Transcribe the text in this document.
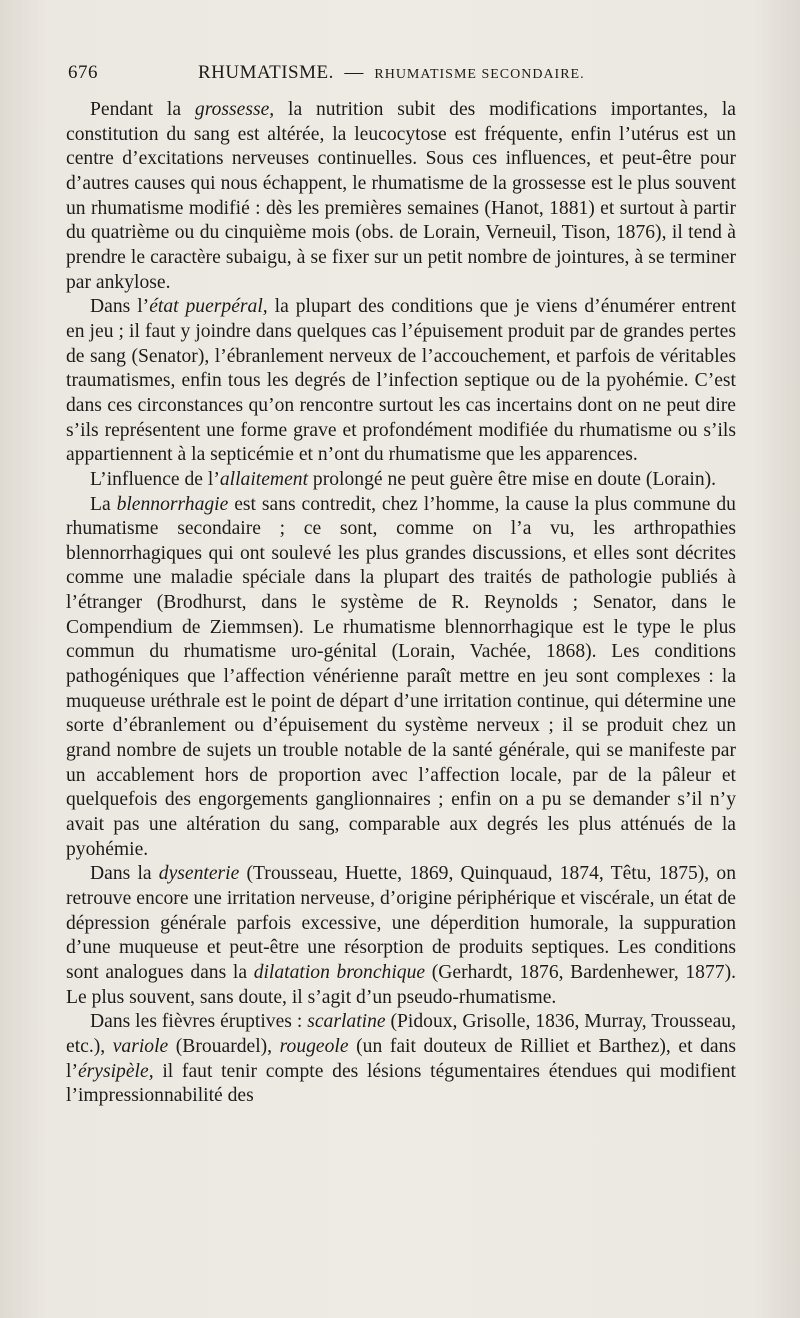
676	RHUMATISME. — RHUMATISME SECONDAIRE.

Pendant la grossesse, la nutrition subit des modifications importantes, la constitution du sang est altérée, la leucocytose est fréquente, enfin l’utérus est un centre d’excitations nerveuses continuelles. Sous ces influences, et peut-être pour d’autres causes qui nous échappent, le rhumatisme de la grossesse est le plus souvent un rhumatisme modifié : dès les premières semaines (Hanot, 1881) et surtout à partir du quatrième ou du cinquième mois (obs. de Lorain, Verneuil, Tison, 1876), il tend à prendre le caractère subaigu, à se fixer sur un petit nombre de jointures, à se terminer par ankylose.

Dans l’état puerpéral, la plupart des conditions que je viens d’énumérer entrent en jeu ; il faut y joindre dans quelques cas l’épuisement produit par de grandes pertes de sang (Senator), l’ébranlement nerveux de l’accouchement, et parfois de véritables traumatismes, enfin tous les degrés de l’infection septique ou de la pyohémie. C’est dans ces circonstances qu’on rencontre surtout les cas incertains dont on ne peut dire s’ils représentent une forme grave et profondément modifiée du rhumatisme ou s’ils appartiennent à la septicémie et n’ont du rhumatisme que les apparences.

L’influence de l’allaitement prolongé ne peut guère être mise en doute (Lorain).

La blennorrhagie est sans contredit, chez l’homme, la cause la plus commune du rhumatisme secondaire ; ce sont, comme on l’a vu, les arthropathies blennorrhagiques qui ont soulevé les plus grandes discussions, et elles sont décrites comme une maladie spéciale dans la plupart des traités de pathologie publiés à l’étranger (Brodhurst, dans le système de R. Reynolds ; Senator, dans le Compendium de Ziemmsen). Le rhumatisme blennorrhagique est le type le plus commun du rhumatisme uro-génital (Lorain, Vachée, 1868). Les conditions pathogéniques que l’affection vénérienne paraît mettre en jeu sont complexes : la muqueuse uréthrale est le point de départ d’une irritation continue, qui détermine une sorte d’ébranlement ou d’épuisement du système nerveux ; il se produit chez un grand nombre de sujets un trouble notable de la santé générale, qui se manifeste par un accablement hors de proportion avec l’affection locale, par de la pâleur et quelquefois des engorgements ganglionnaires ; enfin on a pu se demander s’il n’y avait pas une altération du sang, comparable aux degrés les plus atténués de la pyohémie.

Dans la dysenterie (Trousseau, Huette, 1869, Quinquaud, 1874, Têtu, 1875), on retrouve encore une irritation nerveuse, d’origine périphérique et viscérale, un état de dépression générale parfois excessive, une déperdition humorale, la suppuration d’une muqueuse et peut-être une résorption de produits septiques. Les conditions sont analogues dans la dilatation bronchique (Gerhardt, 1876, Bardenhewer, 1877). Le plus souvent, sans doute, il s’agit d’un pseudo-rhumatisme.

Dans les fièvres éruptives : scarlatine (Pidoux, Grisolle, 1836, Murray, Trousseau, etc.), variole (Brouardel), rougeole (un fait douteux de Rilliet et Barthez), et dans l’érysipèle, il faut tenir compte des lésions tégumentaires étendues qui modifient l’impressionnabilité des
